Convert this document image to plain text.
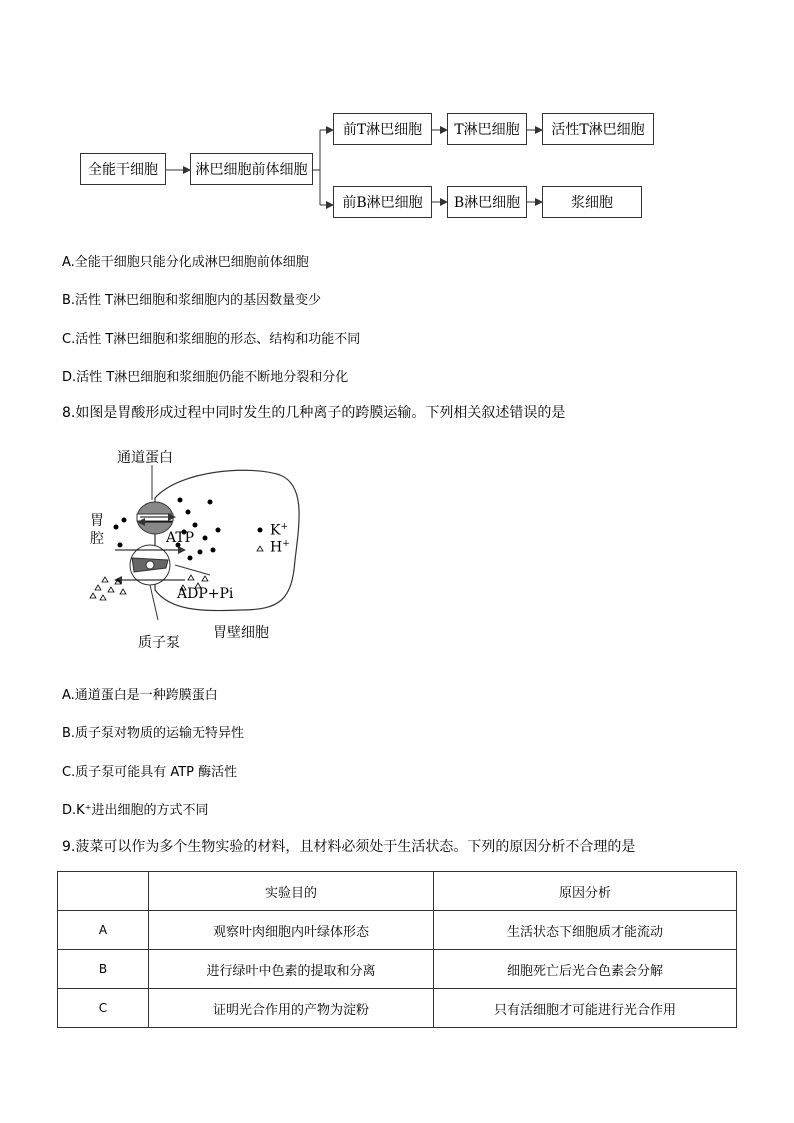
全能干细胞	淋巴细胞前体细胞
前T淋巴细胞	T淋巴细胞	活性T淋巴细胞
前B淋巴细胞	B淋巴细胞	浆细胞
A.全能干细胞只能分化成淋巴细胞前体细胞
B.活性 T淋巴细胞和浆细胞内的基因数量变少
C.活性 T淋巴细胞和浆细胞的形态、结构和功能不同
D.活性 T淋巴细胞和浆细胞仍能不断地分裂和分化
8.如图是胃酸形成过程中同时发生的几种离子的跨膜运输。下列相关叙述错误的是
通道蛋白
胃
腔	ATP
ADP+Pi
质子泵
胃壁细胞
K+
H+
A.通道蛋白是一种跨膜蛋白
B.质子泵对物质的运输无特异性
C.质子泵可能具有 ATP 酶活性
D.K⁺进出细胞的方式不同
9.菠菜可以作为多个生物实验的材料，且材料必须处于生活状态。下列的原因分析不合理的是
	实验目的	原因分析
A	观察叶肉细胞内叶绿体形态	生活状态下细胞质才能流动
B	进行绿叶中色素的提取和分离	细胞死亡后光合色素会分解
C	证明光合作用的产物为淀粉	只有活细胞才可能进行光合作用
